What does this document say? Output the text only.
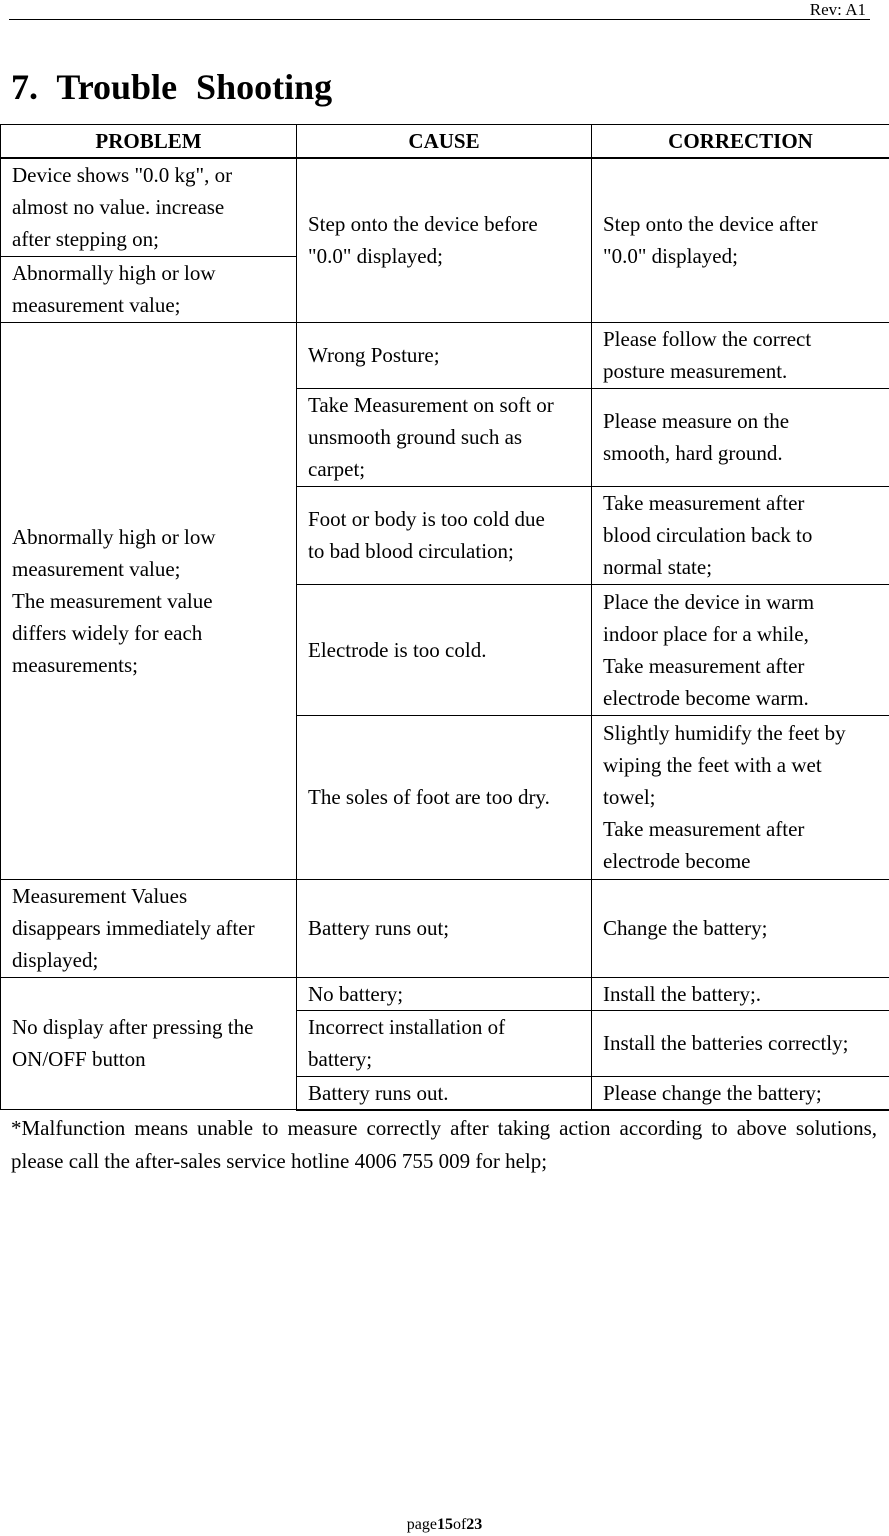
Rev: A1
7. Trouble Shooting
PROBLEM	CAUSE	CORRECTION

Device shows "0.0 kg", or
almost no value. increase
after stepping on;	Step onto the device before
"0.0" displayed;	Step onto the device after
"0.0" displayed;

Abnormally high or low
measurement value;		

Abnormally high or low
measurement value;
The measurement value
differs widely for each
measurements;	Wrong Posture;	Please follow the correct
posture measurement.

	Take Measurement on soft or
unsmooth ground such as
carpet;	Please measure on the
smooth, hard ground.

	Foot or body is too cold due
to bad blood circulation;	Take measurement after
blood circulation back to
normal state;

	Electrode is too cold.	Place the device in warm
indoor place for a while,
Take measurement after
electrode become warm.

	The soles of foot are too dry.	Slightly humidify the feet by
wiping the feet with a wet
towel;
Take measurement after
electrode become

Measurement Values
disappears immediately after
displayed;	Battery runs out;	Change the battery;

No display after pressing the
ON/OFF button	No battery;	Install the battery;.

	Incorrect installation of
battery;	Install the batteries correctly;

	Battery runs out.	Please change the battery;
*Malfunction means unable to measure correctly after taking action according to above solutions, please call the after-sales service hotline 4006 755 009 for help;
page15of23
